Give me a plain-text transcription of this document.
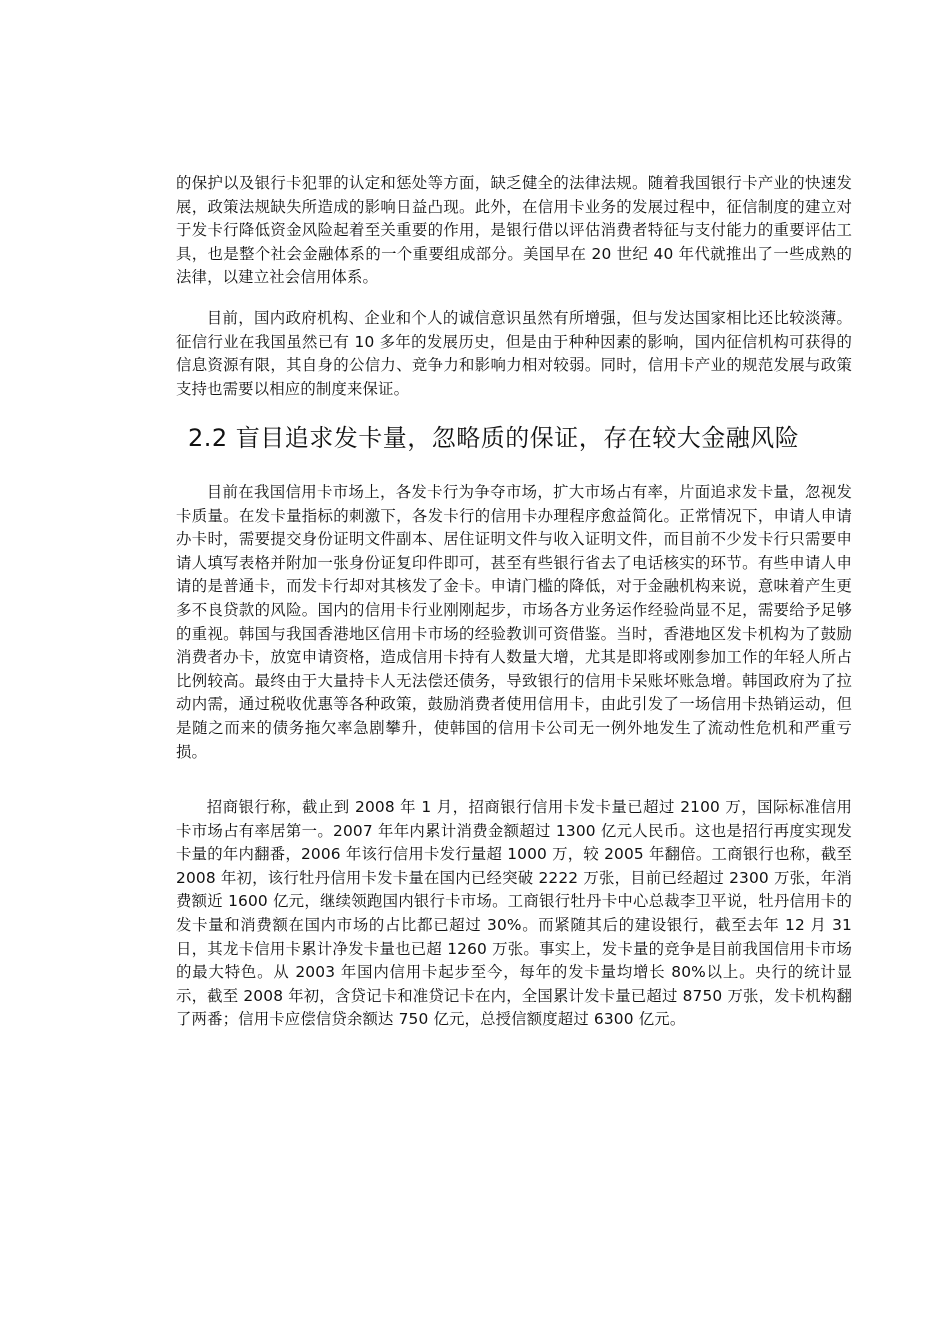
的保护以及银行卡犯罪的认定和惩处等方面，缺乏健全的法律法规。随着我国银行卡产业的快速发展，政策法规缺失所造成的影响日益凸现。此外，在信用卡业务的发展过程中，征信制度的建立对于发卡行降低资金风险起着至关重要的作用，是银行借以评估消费者特征与支付能力的重要评估工具，也是整个社会金融体系的一个重要组成部分。美国早在 20 世纪 40 年代就推出了一些成熟的法律，以建立社会信用体系。

目前，国内政府机构、企业和个人的诚信意识虽然有所增强，但与发达国家相比还比较淡薄。征信行业在我国虽然已有 10 多年的发展历史，但是由于种种因素的影响，国内征信机构可获得的信息资源有限，其自身的公信力、竞争力和影响力相对较弱。同时，信用卡产业的规范发展与政策支持也需要以相应的制度来保证。

2.2 盲目追求发卡量，忽略质的保证，存在较大金融风险

目前在我国信用卡市场上，各发卡行为争夺市场，扩大市场占有率，片面追求发卡量，忽视发卡质量。在发卡量指标的刺激下，各发卡行的信用卡办理程序愈益简化。正常情况下，申请人申请办卡时，需要提交身份证明文件副本、居住证明文件与收入证明文件，而目前不少发卡行只需要申请人填写表格并附加一张身份证复印件即可，甚至有些银行省去了电话核实的环节。有些申请人申请的是普通卡，而发卡行却对其核发了金卡。申请门槛的降低，对于金融机构来说，意味着产生更多不良贷款的风险。国内的信用卡行业刚刚起步，市场各方业务运作经验尚显不足，需要给予足够的重视。韩国与我国香港地区信用卡市场的经验教训可资借鉴。当时，香港地区发卡机构为了鼓励消费者办卡，放宽申请资格，造成信用卡持有人数量大增，尤其是即将或刚参加工作的年轻人所占比例较高。最终由于大量持卡人无法偿还债务，导致银行的信用卡呆账坏账急增。韩国政府为了拉动内需，通过税收优惠等各种政策，鼓励消费者使用信用卡，由此引发了一场信用卡热销运动，但是随之而来的债务拖欠率急剧攀升，使韩国的信用卡公司无一例外地发生了流动性危机和严重亏损。

招商银行称，截止到 2008 年 1 月，招商银行信用卡发卡量已超过 2100 万，国际标准信用卡市场占有率居第一。2007 年年内累计消费金额超过 1300 亿元人民币。这也是招行再度实现发卡量的年内翻番，2006 年该行信用卡发行量超 1000 万，较 2005 年翻倍。工商银行也称，截至 2008 年初，该行牡丹信用卡发卡量在国内已经突破 2222 万张，目前已经超过 2300 万张，年消费额近 1600 亿元，继续领跑国内银行卡市场。工商银行牡丹卡中心总裁李卫平说，牡丹信用卡的发卡量和消费额在国内市场的占比都已超过 30%。而紧随其后的建设银行，截至去年 12 月 31 日，其龙卡信用卡累计净发卡量也已超 1260 万张。事实上，发卡量的竞争是目前我国信用卡市场的最大特色。从 2003 年国内信用卡起步至今，每年的发卡量均增长 80%以上。央行的统计显示，截至 2008 年初，含贷记卡和准贷记卡在内，全国累计发卡量已超过 8750 万张，发卡机构翻了两番；信用卡应偿信贷余额达 750 亿元，总授信额度超过 6300 亿元。
